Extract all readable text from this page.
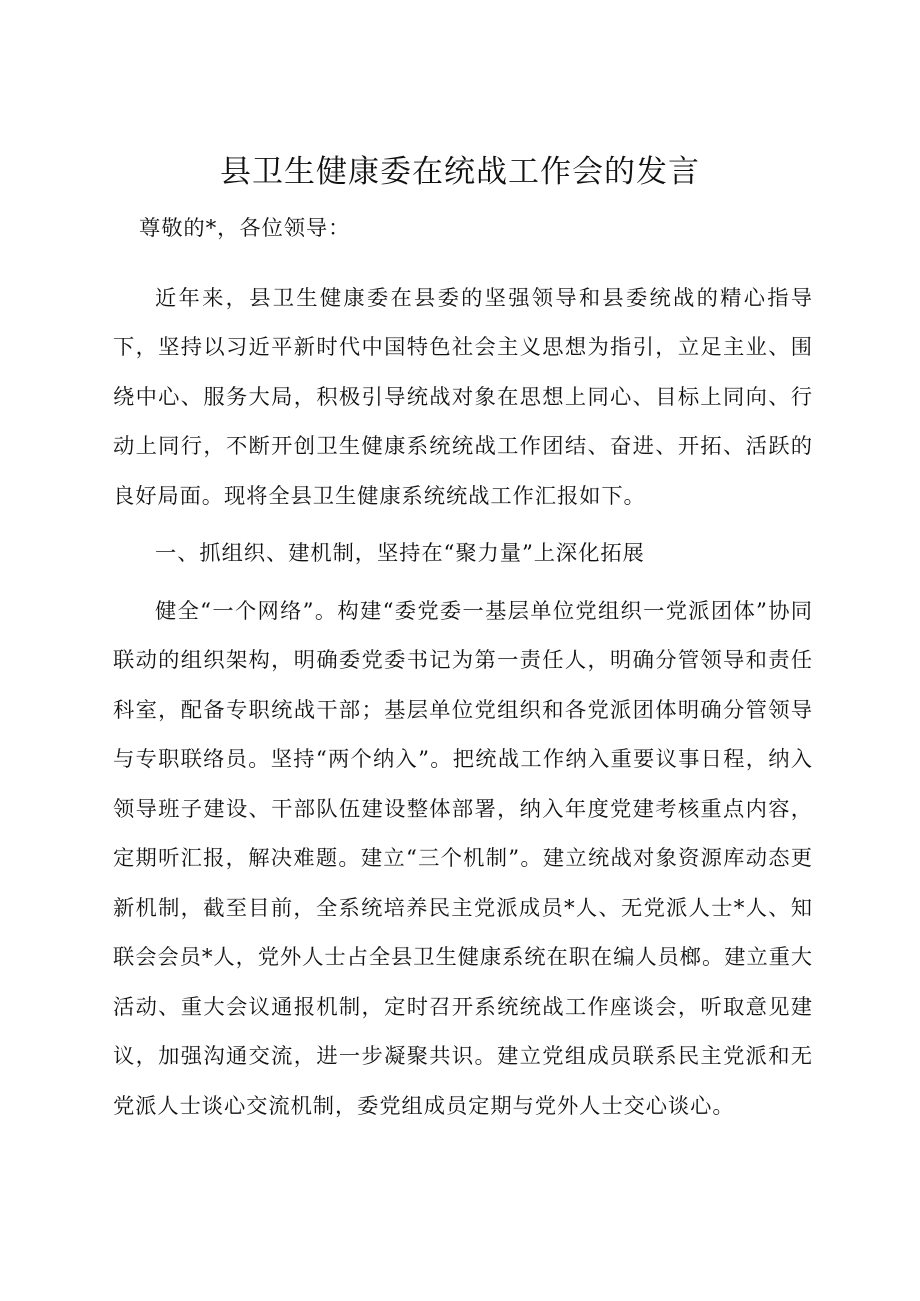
县卫生健康委在统战工作会的发言

尊敬的*，各位领导：

近年来，县卫生健康委在县委的坚强领导和县委统战的精心指导下，坚持以习近平新时代中国特色社会主义思想为指引，立足主业、围绕中心、服务大局，积极引导统战对象在思想上同心、目标上同向、行动上同行，不断开创卫生健康系统统战工作团结、奋进、开拓、活跃的良好局面。现将全县卫生健康系统统战工作汇报如下。

一、抓组织、建机制，坚持在“聚力量”上深化拓展

健全“一个网络”。构建“委党委一基层单位党组织一党派团体”协同联动的组织架构，明确委党委书记为第一责任人，明确分管领导和责任科室，配备专职统战干部；基层单位党组织和各党派团体明确分管领导与专职联络员。坚持“两个纳入”。把统战工作纳入重要议事日程，纳入领导班子建设、干部队伍建设整体部署，纳入年度党建考核重点内容，定期听汇报，解决难题。建立“三个机制”。建立统战对象资源库动态更新机制，截至目前，全系统培养民主党派成员*人、无党派人士*人、知联会会员*人，党外人士占全县卫生健康系统在职在编人员榔。建立重大活动、重大会议通报机制，定时召开系统统战工作座谈会，听取意见建议，加强沟通交流，进一步凝聚共识。建立党组成员联系民主党派和无党派人士谈心交流机制，委党组成员定期与党外人士交心谈心。
